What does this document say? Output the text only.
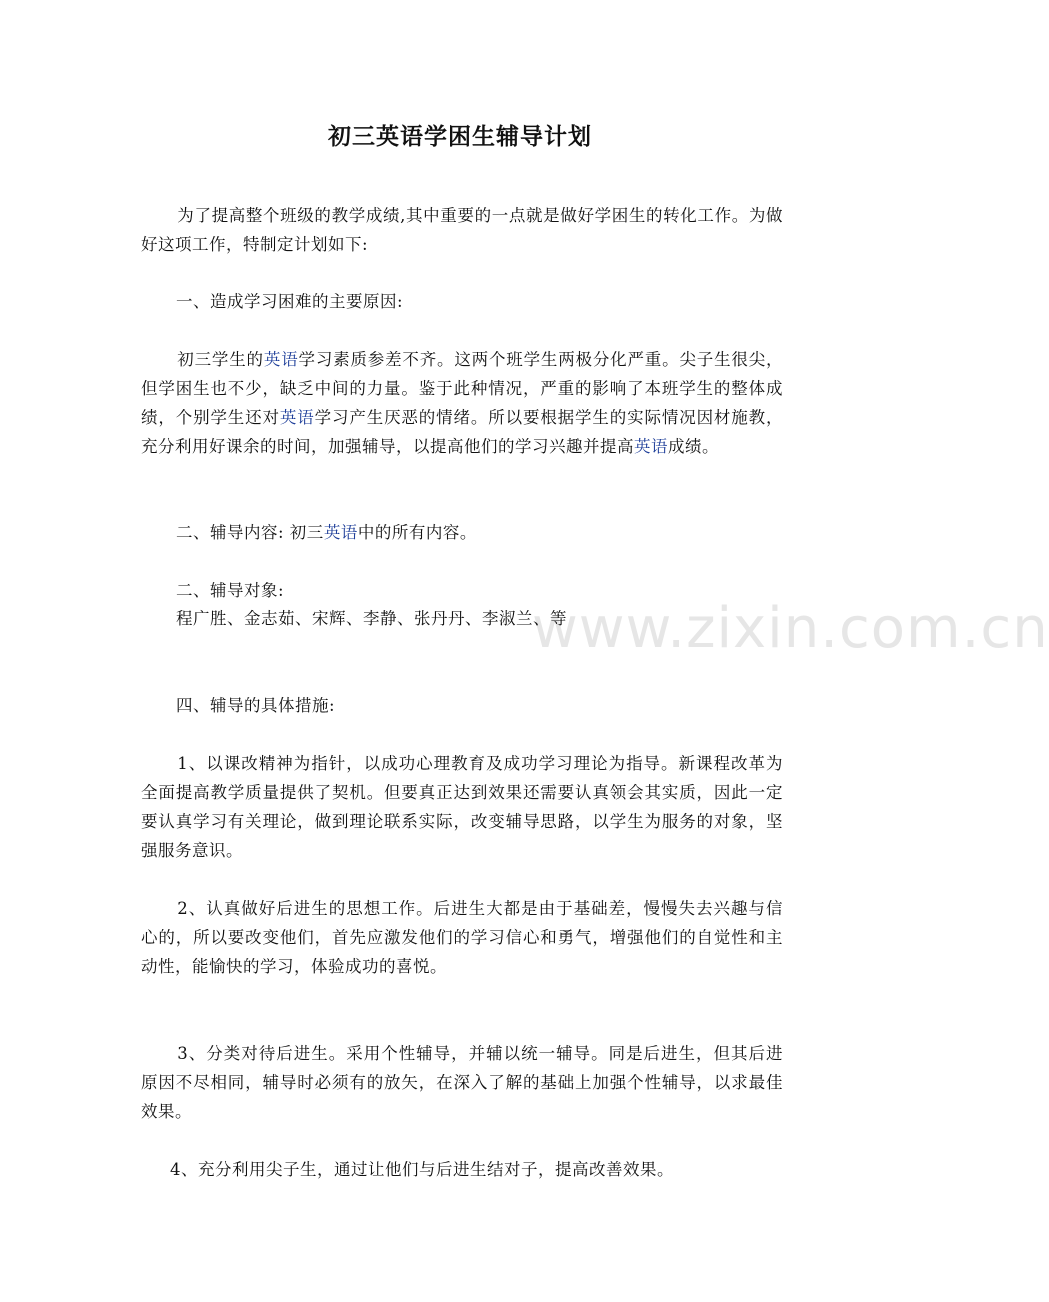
www.zixin.com.cn
初三英语学困生辅导计划
为了提高整个班级的教学成绩,其中重要的一点就是做好学困生的转化工作。为做好这项工作，特制定计划如下:
一、造成学习困难的主要原因:
初三学生的英语学习素质参差不齐。这两个班学生两极分化严重。尖子生很尖，但学困生也不少，缺乏中间的力量。鉴于此种情况，严重的影响了本班学生的整体成绩，个别学生还对英语学习产生厌恶的情绪。所以要根据学生的实际情况因材施教，充分利用好课余的时间，加强辅导，以提高他们的学习兴趣并提高英语成绩。
二、辅导内容: 初三英语中的所有内容。
二、辅导对象:
程广胜、金志茹、宋辉、李静、张丹丹、李淑兰、等
四、辅导的具体措施:
1、以课改精神为指针，以成功心理教育及成功学习理论为指导。新课程改革为全面提高教学质量提供了契机。但要真正达到效果还需要认真领会其实质，因此一定要认真学习有关理论，做到理论联系实际，改变辅导思路，以学生为服务的对象，坚强服务意识。
2、认真做好后进生的思想工作。后进生大都是由于基础差，慢慢失去兴趣与信心的，所以要改变他们，首先应激发他们的学习信心和勇气，增强他们的自觉性和主动性，能愉快的学习，体验成功的喜悦。
3、分类对待后进生。采用个性辅导，并辅以统一辅导。同是后进生，但其后进原因不尽相同，辅导时必须有的放矢，在深入了解的基础上加强个性辅导，以求最佳效果。
4、充分利用尖子生，通过让他们与后进生结对子，提高改善效果。
